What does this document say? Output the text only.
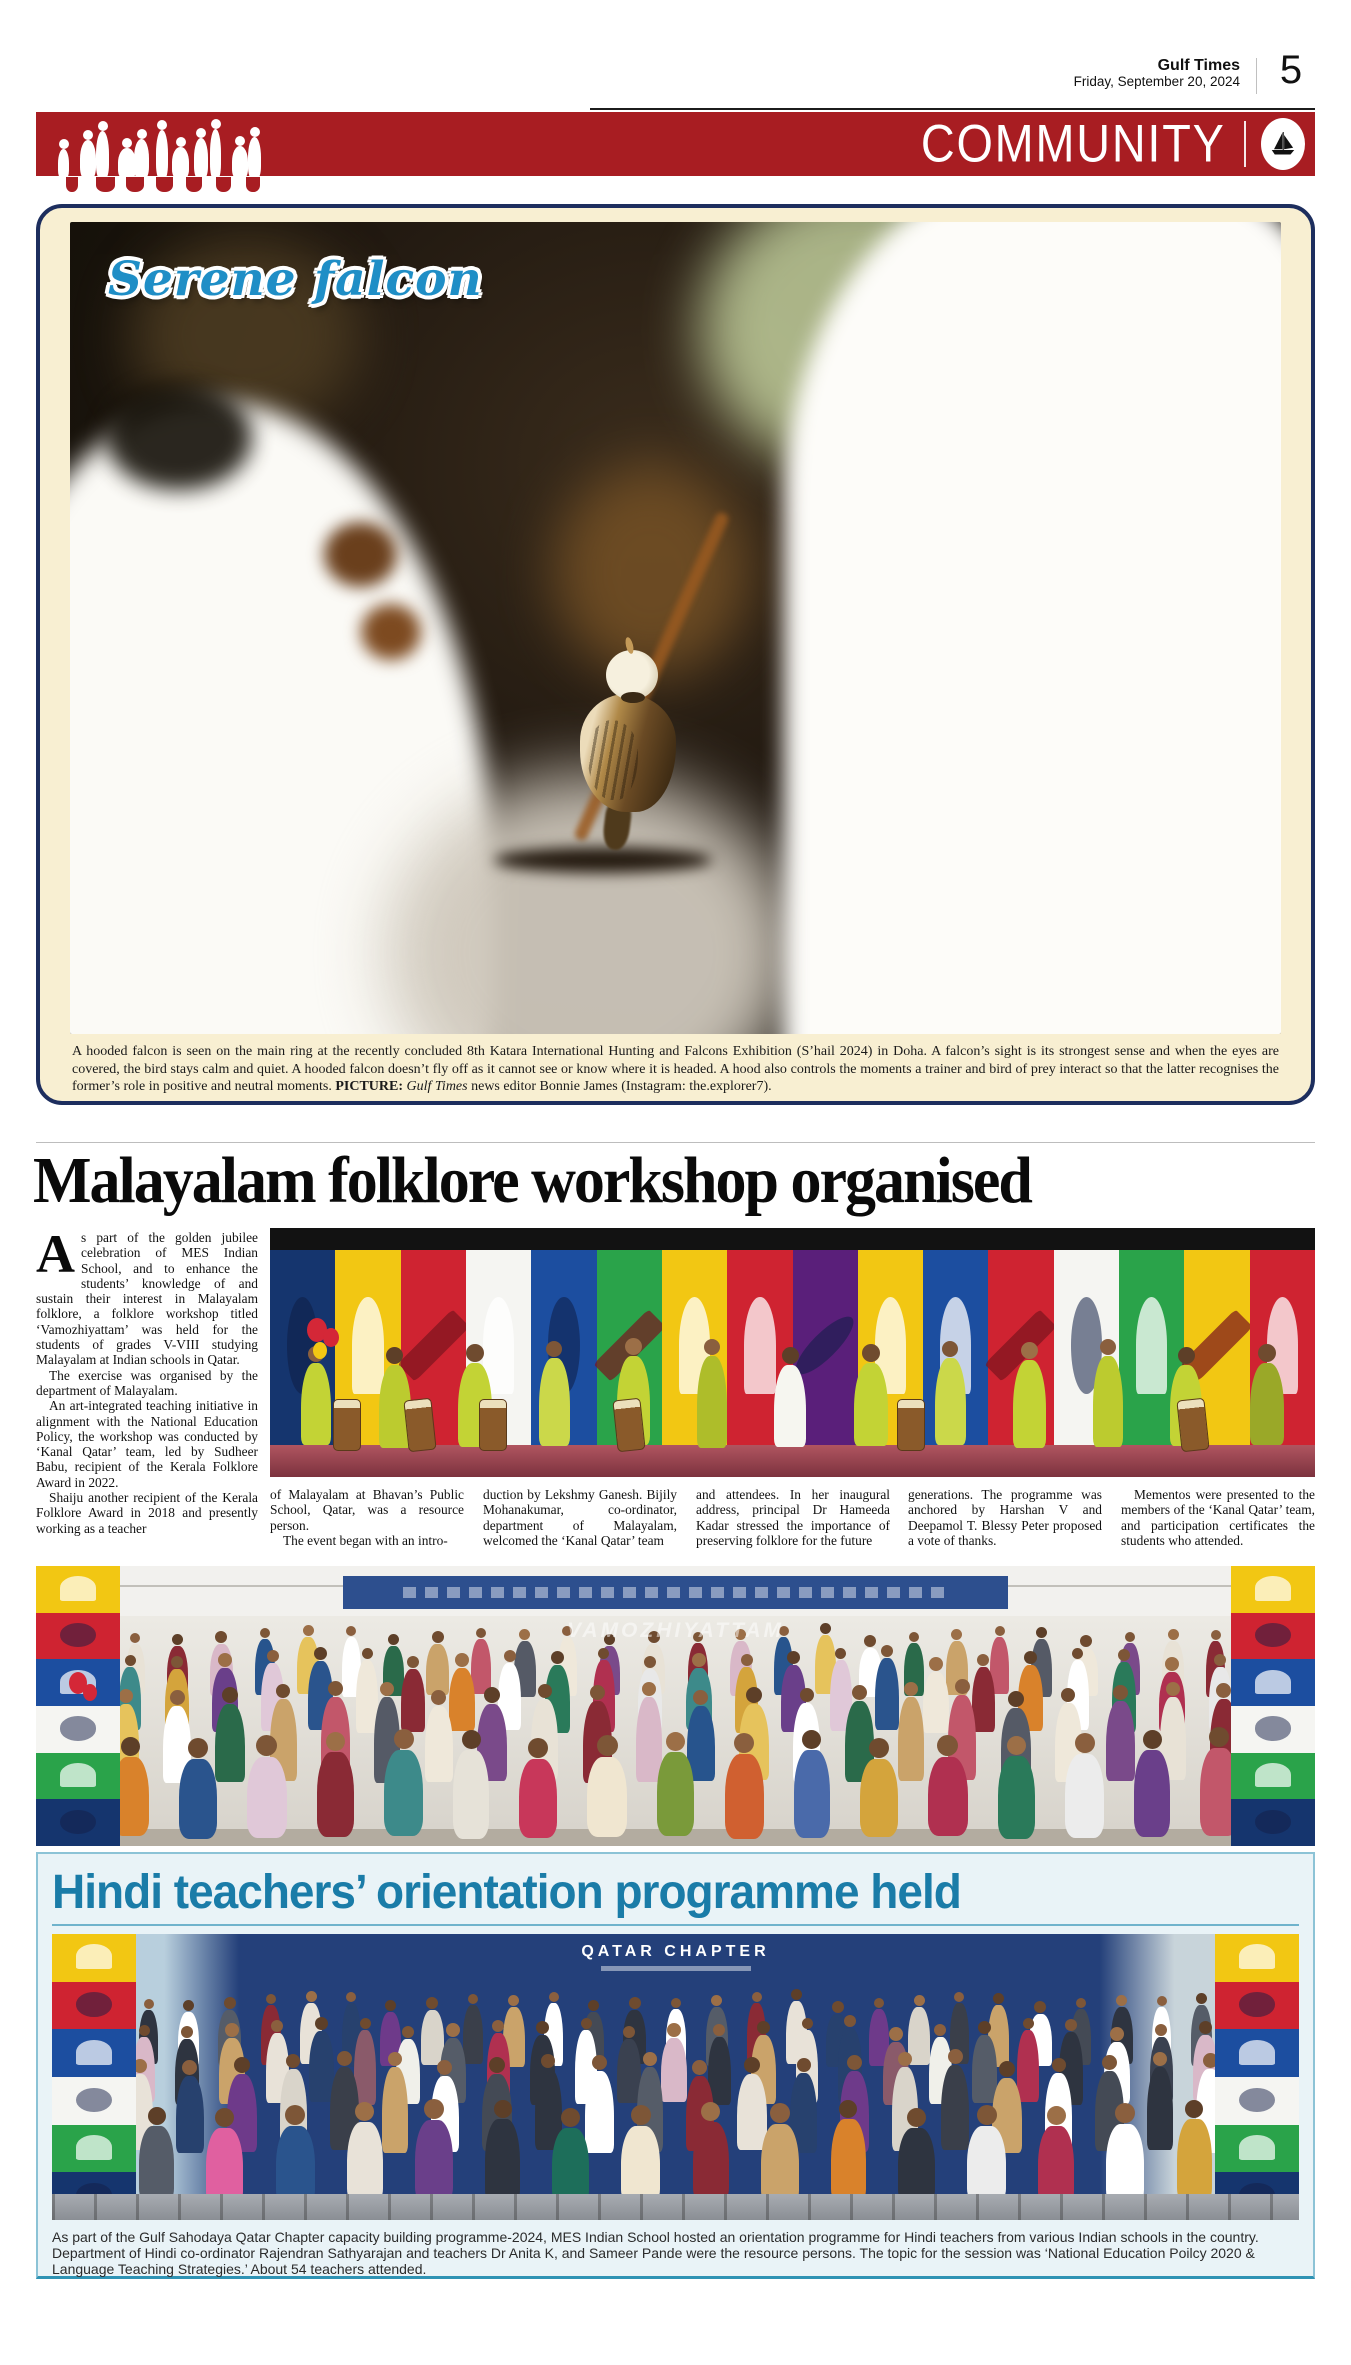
Gulf Times
Friday, September 20, 2024 5
COMMUNITY
Serene falcon

A hooded falcon is seen on the main ring at the recently concluded 8th Katara International Hunting and Falcons Exhibition (S’hail 2024) in Doha. A falcon’s sight is its strongest sense and when the eyes are covered, the bird stays calm and quiet. A hooded falcon doesn’t fly off as it cannot see or know where it is headed. A hood also controls the moments a trainer and bird of prey interact so that the latter recognises the former’s role in positive and neutral moments. PICTURE: Gulf Times news editor Bonnie James (Instagram: the.explorer7).

Malayalam folklore workshop organised

As part of the golden jubilee celebration of MES Indian School, and to enhance the students’ knowledge of and sustain their interest in Malayalam folklore, a folklore workshop titled ‘Vamozhiyattam’ was held for the students of grades V-VIII studying Malayalam at Indian schools in Qatar.

The exercise was organised by the department of Malayalam.

An art-integrated teaching initiative in alignment with the National Education Policy, the workshop was conducted by ‘Kanal Qatar’ team, led by Sudheer Babu, recipient of the Kerala Folklore Award in 2022.

Shaiju another recipient of the Kerala Folklore Award in 2018 and presently working as a teacher

of Malayalam at Bhavan’s Public School, Qatar, was a resource person.

The event began with an intro-

duction by Lekshmy Ganesh. Bijily Mohanakumar, co-ordinator, department of Malayalam, welcomed the ‘Kanal Qatar’ team

and attendees. In her inaugural address, principal Dr Hameeda Kadar stressed the importance of preserving folklore for the future

generations. The programme was anchored by Harshan V and Deepamol T. Blessy Peter proposed a vote of thanks.

Mementos were presented to the members of the ‘Kanal Qatar’ team, and participation certificates the students who attended.

VAMOZHIYATTAM
Hindi teachers’ orientation programme held
QATAR CHAPTER

As part of the Gulf Sahodaya Qatar Chapter capacity building programme-2024, MES Indian School hosted an orientation programme for Hindi teachers from various Indian schools in the country. Department of Hindi co-ordinator Rajendran Sathyarajan and teachers Dr Anita K, and Sameer Pande were the resource persons. The topic for the session was ‘National Education Poilcy 2020 & Language Teaching Strategies.’ About 54 teachers attended.
